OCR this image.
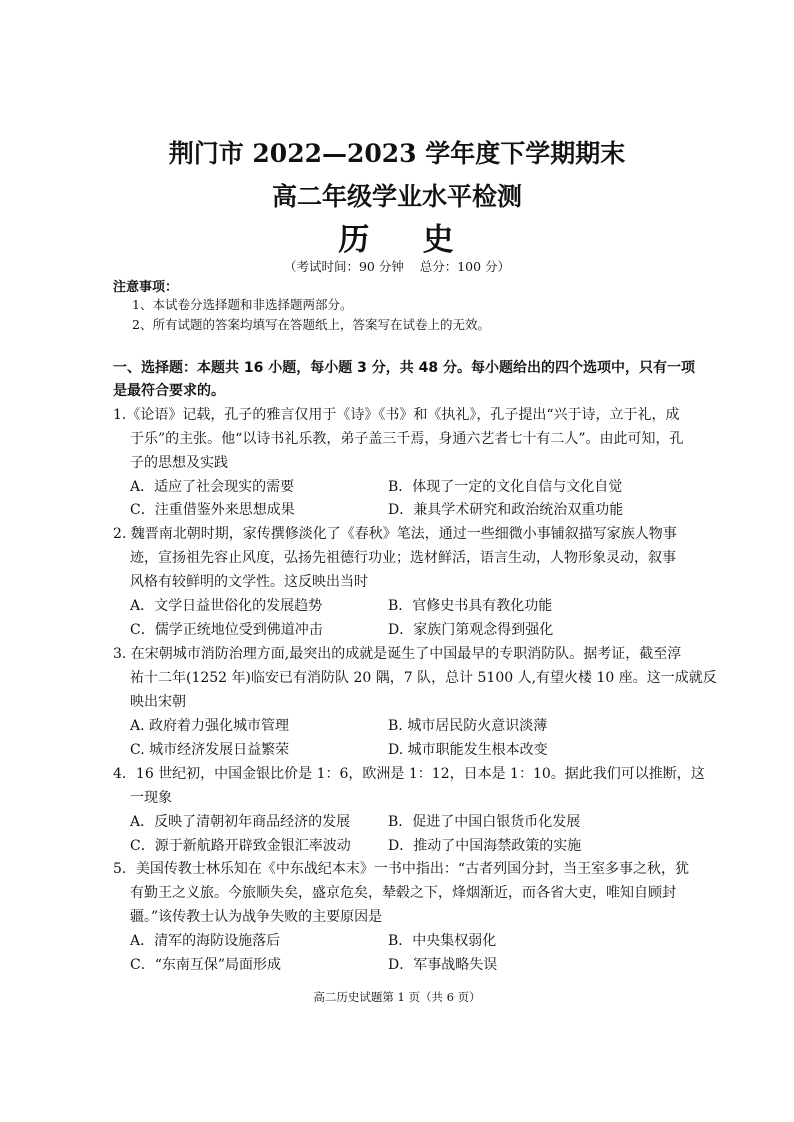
荆门市 2022—2023 学年度下学期期末
高二年级学业水平检测
历    史
（考试时间：90 分钟    总分：100 分）
注意事项：
1、本试卷分选择题和非选择题两部分。
2、所有试题的答案均填写在答题纸上，答案写在试卷上的无效。
一、选择题：本题共 16 小题，每小题 3 分，共 48 分。每小题给出的四个选项中，只有一项
是最符合要求的。
1.《论语》记载，孔子的雅言仅用于《诗》《书》和《执礼》，孔子提出“兴于诗，立于礼，成
于乐”的主张。他“以诗书礼乐教，弟子盖三千焉，身通六艺者七十有二人”。由此可知，孔
子的思想及实践
A．适应了社会现实的需要	B．体现了一定的文化自信与文化自觉
C．注重借鉴外来思想成果	D．兼具学术研究和政治统治双重功能
2. 魏晋南北朝时期，家传撰修淡化了《春秋》笔法，通过一些细微小事铺叙描写家族人物事
迹，宣扬祖先容止风度，弘扬先祖德行功业；选材鲜活，语言生动，人物形象灵动，叙事
风格有较鲜明的文学性。这反映出当时
A．文学日益世俗化的发展趋势	B．官修史书具有教化功能
C．儒学正统地位受到佛道冲击	D．家族门第观念得到强化
3. 在宋朝城市消防治理方面,最突出的成就是诞生了中国最早的专职消防队。据考证，截至淳
祐十二年(1252 年)临安已有消防队 20 隅，7 队，总计 5100 人,有望火楼 10 座。这一成就反
映出宋朝
A. 政府着力强化城市管理	B. 城市居民防火意识淡薄
C. 城市经济发展日益繁荣	D. 城市职能发生根本改变
4．16 世纪初，中国金银比价是 1：6，欧洲是 1：12，日本是 1：10。据此我们可以推断，这
一现象
A．反映了清朝初年商品经济的发展	B．促进了中国白银货币化发展
C．源于新航路开辟致金银汇率波动	D．推动了中国海禁政策的实施
5．美国传教士林乐知在《中东战纪本末》一书中指出：“古者列国分封，当王室多事之秋，犹
有勤王之义旅。今旅顺失矣，盛京危矣，辇毂之下，烽烟渐近，而各省大吏，唯知自顾封
疆。”该传教士认为战争失败的主要原因是
A．清军的海防设施落后	B．中央集权弱化
C．“东南互保”局面形成	D．军事战略失误
高二历史试题第 1 页（共 6 页）
